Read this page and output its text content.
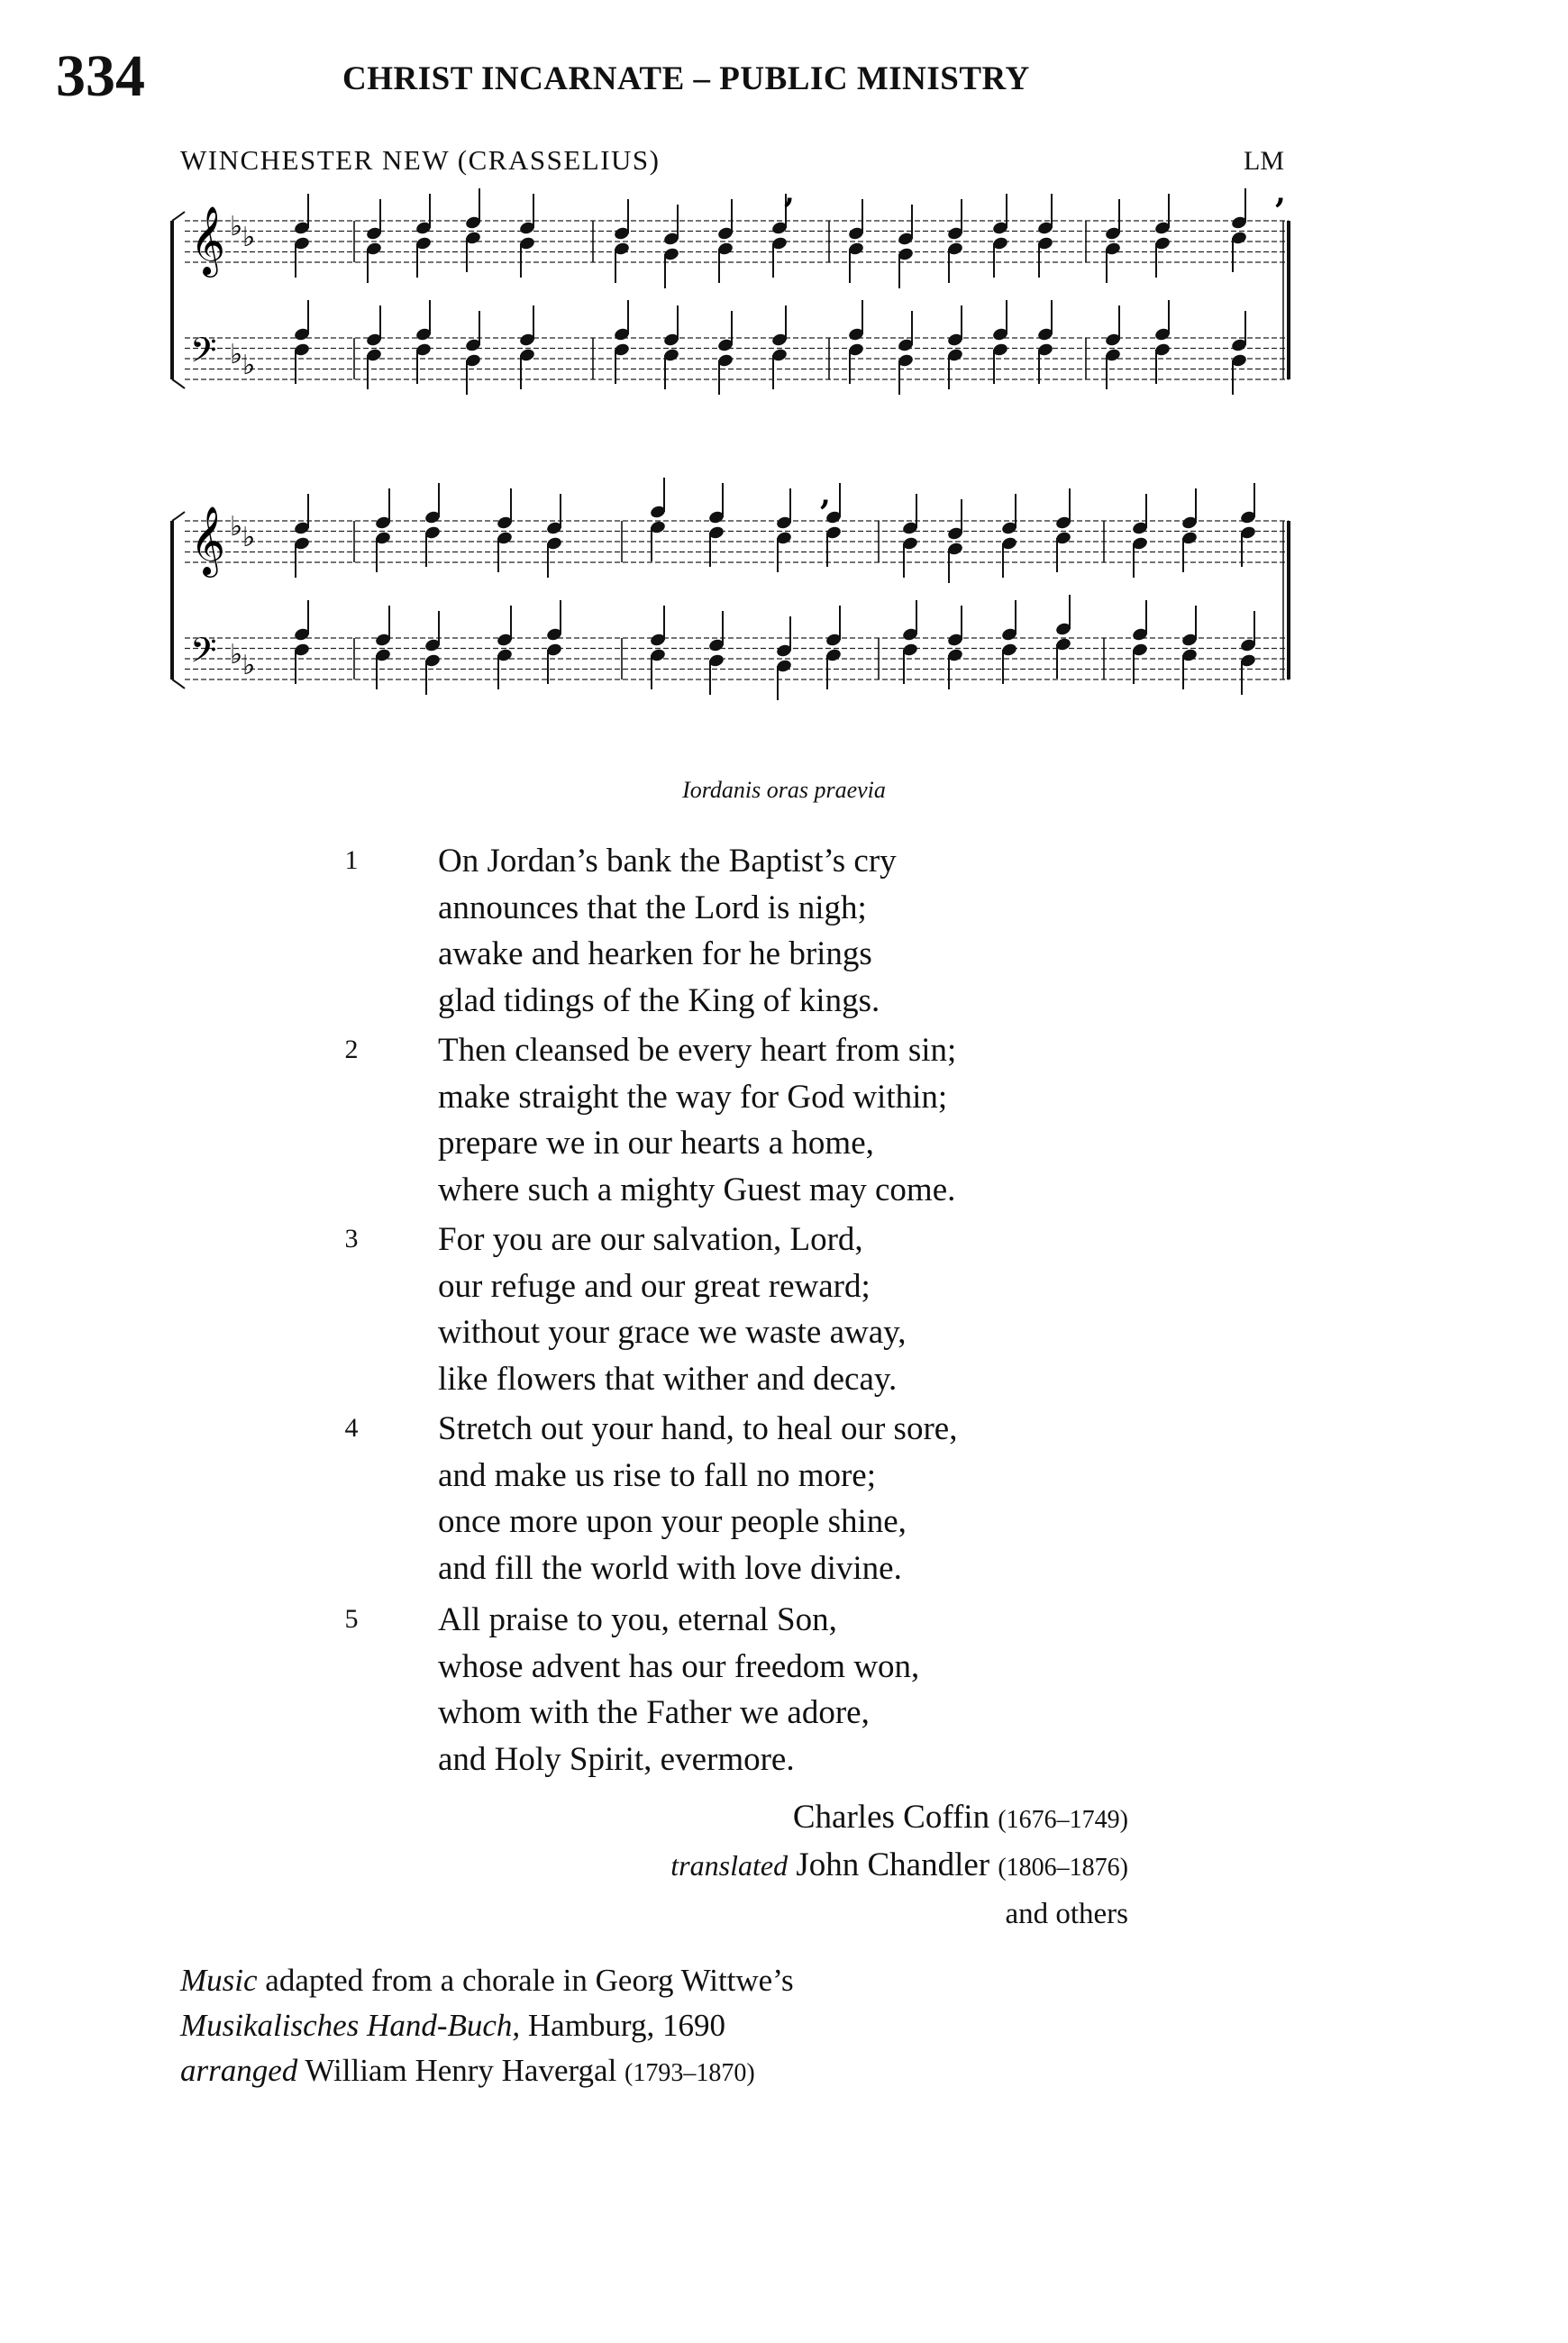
334	CHRIST INCARNATE – PUBLIC MINISTRY
WINCHESTER NEW (CRASSELIUS)	LM
𝄞
𝄢
♭ ♭
♭ ♭
,	,
𝄞
𝄢
♭ ♭
♭ ♭
,
Iordanis oras praevia
1 On Jordan’s bank the Baptist’s cry
announces that the Lord is nigh;
awake and hearken for he brings
glad tidings of the King of kings.
2 Then cleansed be every heart from sin;
make straight the way for God within;
prepare we in our hearts a home,
where such a mighty Guest may come.
3 For you are our salvation, Lord,
our refuge and our great reward;
without your grace we waste away,
like flowers that wither and decay.
4 Stretch out your hand, to heal our sore,
and make us rise to fall no more;
once more upon your people shine,
and fill the world with love divine.
5 All praise to you, eternal Son,
whose advent has our freedom won,
whom with the Father we adore,
and Holy Spirit, evermore.
Charles Coffin (1676–1749)
translated John Chandler (1806–1876)
and others
Music adapted from a chorale in Georg Wittwe’s
Musikalisches Hand-Buch, Hamburg, 1690
arranged William Henry Havergal (1793–1870)
